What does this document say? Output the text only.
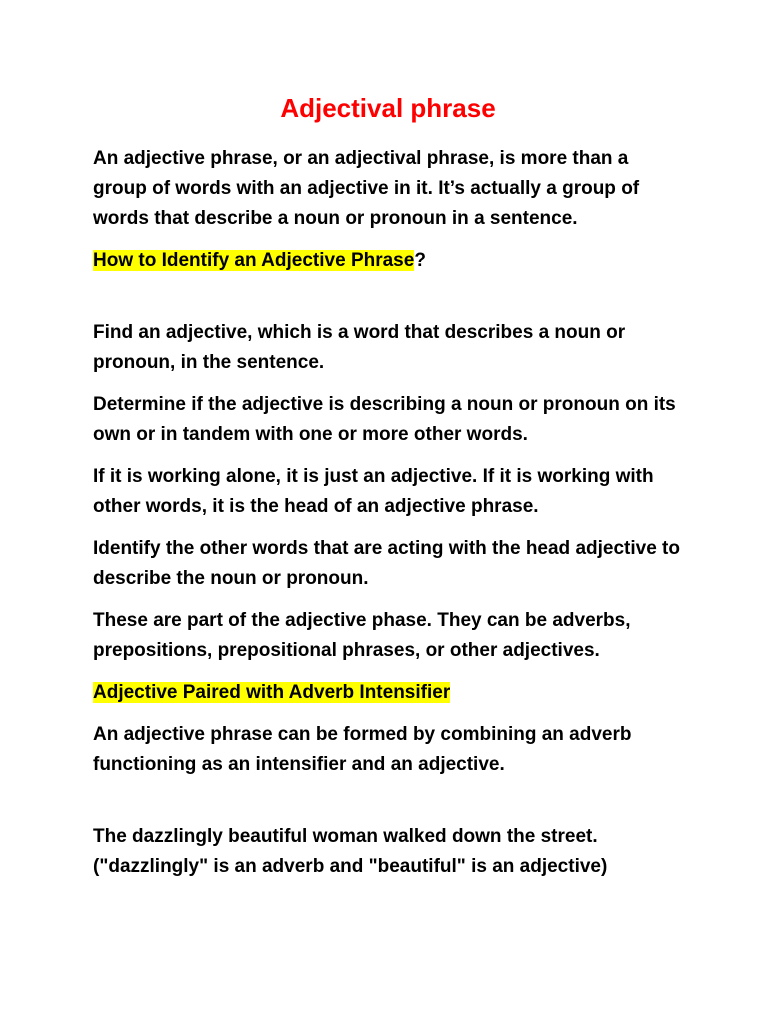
Adjectival phrase

An adjective phrase, or an adjectival phrase, is more than a group of words with an adjective in it. It’s actually a group of words that describe a noun or pronoun in a sentence.

How to Identify an Adjective Phrase?

Find an adjective, which is a word that describes a noun or pronoun, in the sentence.

Determine if the adjective is describing a noun or pronoun on its own or in tandem with one or more other words.

If it is working alone, it is just an adjective. If it is working with other words, it is the head of an adjective phrase.

Identify the other words that are acting with the head adjective to describe the noun or pronoun.

These are part of the adjective phase. They can be adverbs, prepositions, prepositional phrases, or other adjectives.

Adjective Paired with Adverb Intensifier

An adjective phrase can be formed by combining an adverb functioning as an intensifier and an adjective.

The dazzlingly beautiful woman walked down the street.
("dazzlingly" is an adverb and "beautiful" is an adjective)
